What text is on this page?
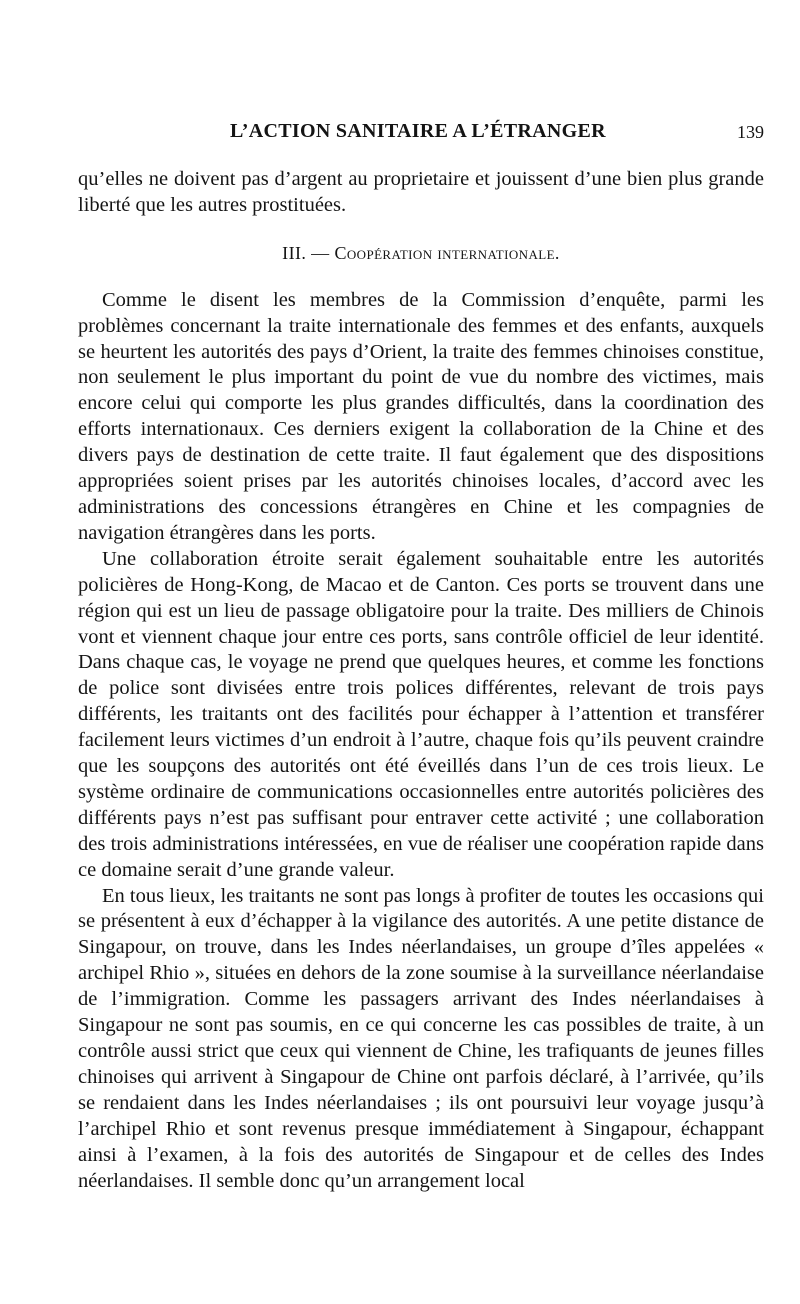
L’ACTION SANITAIRE A L’ÉTRANGER	139

qu’elles ne doivent pas d’argent au proprietaire et jouissent d’une bien plus grande liberté que les autres prostituées.

III. — Coopération internationale.

Comme le disent les membres de la Commission d’enquête, parmi les problèmes concernant la traite internationale des femmes et des enfants, auxquels se heurtent les autorités des pays d’Orient, la traite des femmes chinoises constitue, non seulement le plus important du point de vue du nombre des victimes, mais encore celui qui comporte les plus grandes difficultés, dans la coordination des efforts internationaux. Ces derniers exigent la collaboration de la Chine et des divers pays de destination de cette traite. Il faut également que des dispositions appropriées soient prises par les autorités chinoises locales, d’accord avec les administrations des concessions étrangères en Chine et les compagnies de navigation étrangères dans les ports.

Une collaboration étroite serait également souhaitable entre les autorités policières de Hong-Kong, de Macao et de Canton. Ces ports se trouvent dans une région qui est un lieu de passage obligatoire pour la traite. Des milliers de Chinois vont et viennent chaque jour entre ces ports, sans contrôle officiel de leur identité. Dans chaque cas, le voyage ne prend que quelques heures, et comme les fonctions de police sont divisées entre trois polices différentes, relevant de trois pays différents, les traitants ont des facilités pour échapper à l’attention et transférer facilement leurs victimes d’un endroit à l’autre, chaque fois qu’ils peuvent craindre que les soupçons des autorités ont été éveillés dans l’un de ces trois lieux. Le système ordinaire de communications occasionnelles entre autorités policières des différents pays n’est pas suffisant pour entraver cette activité ; une collaboration des trois administrations intéressées, en vue de réaliser une coopération rapide dans ce domaine serait d’une grande valeur.

En tous lieux, les traitants ne sont pas longs à profiter de toutes les occasions qui se présentent à eux d’échapper à la vigilance des autorités. A une petite distance de Singapour, on trouve, dans les Indes néerlandaises, un groupe d’îles appelées « archipel Rhio », situées en dehors de la zone soumise à la surveillance néerlandaise de l’immigration. Comme les passagers arrivant des Indes néerlandaises à Singapour ne sont pas soumis, en ce qui concerne les cas possibles de traite, à un contrôle aussi strict que ceux qui viennent de Chine, les trafiquants de jeunes filles chinoises qui arrivent à Singapour de Chine ont parfois déclaré, à l’arrivée, qu’ils se rendaient dans les Indes néerlandaises ; ils ont poursuivi leur voyage jusqu’à l’archipel Rhio et sont revenus presque immédiatement à Singapour, échappant ainsi à l’examen, à la fois des autorités de Singapour et de celles des Indes néerlandaises. Il semble donc qu’un arrangement local
